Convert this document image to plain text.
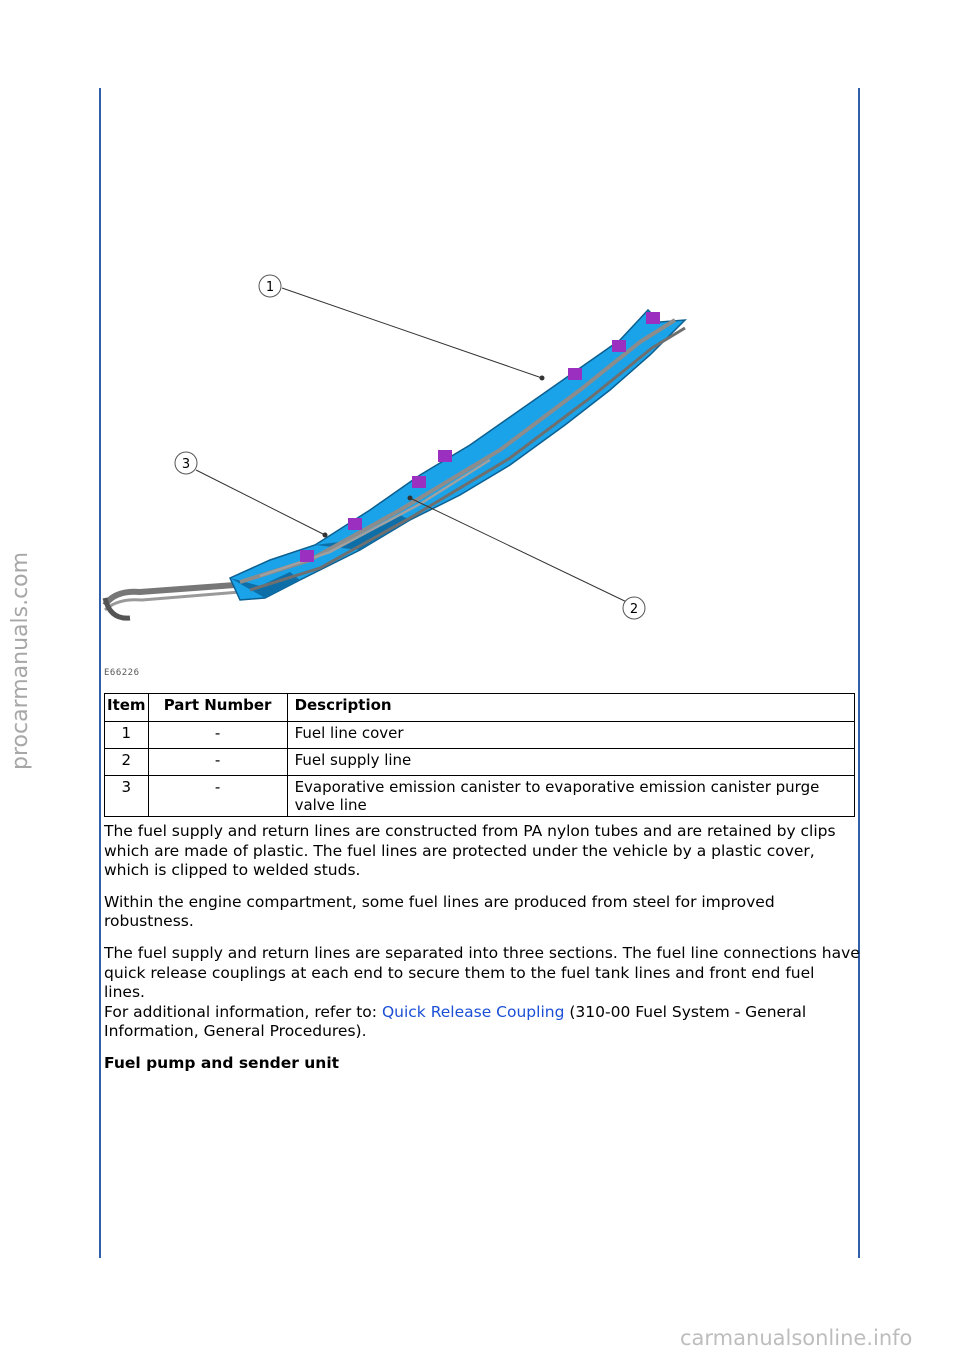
procarmanuals.com
1
2
3
E66226
Item	Part Number	Description
1	-	Fuel line cover
2	-	Fuel supply line
3	-	Evaporative emission canister to evaporative emission canister purge valve line

The fuel supply and return lines are constructed from PA nylon tubes and are retained by clips which are made of plastic. The fuel lines are protected under the vehicle by a plastic cover, which is clipped to welded studs.

Within the engine compartment, some fuel lines are produced from steel for improved robustness.

The fuel supply and return lines are separated into three sections. The fuel line connections have quick release couplings at each end to secure them to the fuel tank lines and front end fuel lines.

For additional information, refer to: Quick Release Coupling (310-00 Fuel System - General Information, General Procedures).

Fuel pump and sender unit

carmanualsonline.info
